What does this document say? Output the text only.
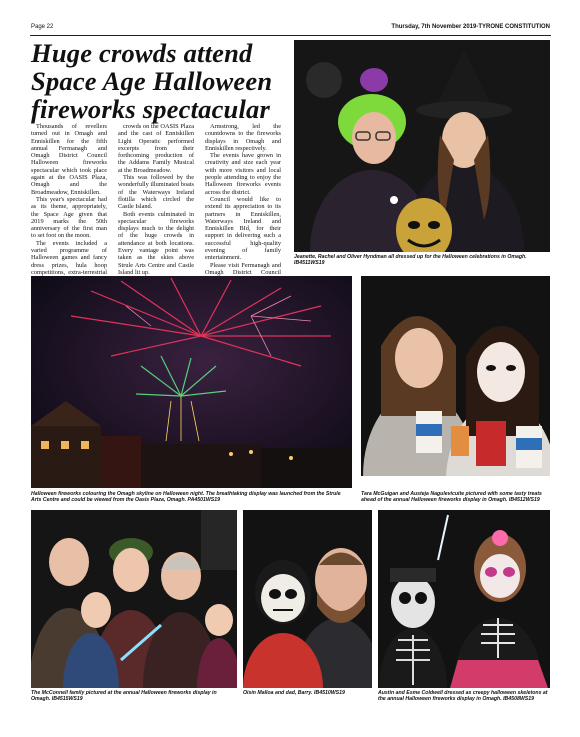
Page 22	Thursday, 7th November 2019-TYRONE CONSTITUTION
Huge crowds attend
Space Age Halloween
fireworks spectacular

Thousands of revellers turned out in Omagh and Enniskillen for the fifth annual Fermanagh and Omagh District Council Halloween fireworks spectacular which took place again at the OASIS Plaza, Omagh and the Broadmeadow, Enniskillen.

This year's spectacular had as its theme, appropriately, the Space Age given that 2019 marks the 50th anniversary of the first man to set foot on the moon.

The events included a varied programme of Halloween games and fancy dress prizes, hula hoop competitions, extra-terrestrial

crowds on the OASIS Plaza and the cast of Enniskillen Light Operatic performed excerpts from their forthcoming production of the Addams Family Musical at the Broadmeadow.

This was followed by the wonderfully illuminated boats of the Waterways Ireland flotilla which circled the Castle Island.

Both events culminated in spectacular fireworks displays much to the delight of the huge crowds in attendance at both locations. Every vantage point was taken as the skies above Strule Arts Centre and Castle Island lit up.

Armstrong, led the countdowns to the fireworks displays in Omagh and Enniskillen respectively.

The events have grown in creativity and size each year with more visitors and local people attending to enjoy the Halloween fireworks events across the district.

Council would like to extend its appreciation to its partners in Enniskillen, Waterways Ireland and Enniskillen BId, for their support in delivering such a successful high-quality evening of family entertainment.

Please visit Fermanagh and Omagh District Council

Jeanette, Rachel and Oliver Hyndman all dressed up for the Halloween celebrations in Omagh. IB4511WS19
Halloween fireworks colouring the Omagh skyline on Halloween night. The breathtaking display was launched from the Strule Arts Centre and could be viewed from the Oasis Plaza, Omagh. PA4501WS19
Tara McGuigan and Austeja Nagulevicuite pictured with some tasty treats ahead of the annual Halloween fireworks display in Omagh. IB4512WS19
The McConnell family pictured at the annual Halloween fireworks display in Omagh. IB4515WS19
Oisin Malloa and dad, Barry. IB4510WS19	Austin and Esme Coldwell dressed as creepy halloween skeletons at the annual Halloween fireworks display in Omagh. IB4508WS19
